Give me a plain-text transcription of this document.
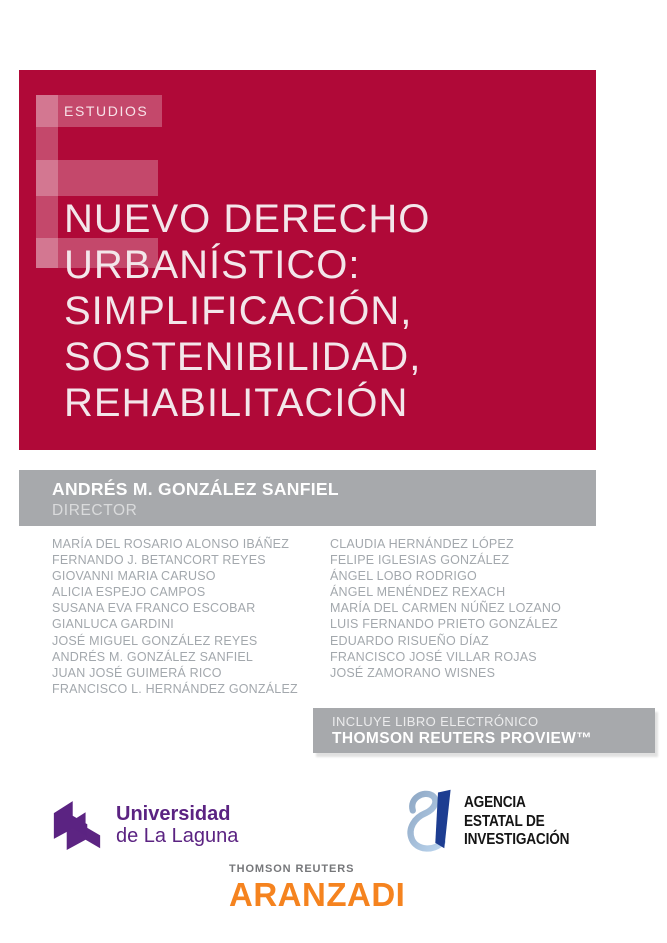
ESTUDIOS
NUEVO DERECHO
URBANÍSTICO:
SIMPLIFICACIÓN,
SOSTENIBILIDAD,
REHABILITACIÓN
ANDRÉS M. GONZÁLEZ SANFIEL
DIRECTOR
MARÍA DEL ROSARIO ALONSO IBÁÑEZ
FERNANDO J. BETANCORT REYES
GIOVANNI MARIA CARUSO
ALICIA ESPEJO CAMPOS
SUSANA EVA FRANCO ESCOBAR
GIANLUCA GARDINI
JOSÉ MIGUEL GONZÁLEZ REYES
ANDRÉS M. GONZÁLEZ SANFIEL
JUAN JOSÉ GUIMERÁ RICO
FRANCISCO L. HERNÁNDEZ GONZÁLEZ
CLAUDIA HERNÁNDEZ LÓPEZ
FELIPE IGLESIAS GONZÁLEZ
ÁNGEL LOBO RODRIGO
ÁNGEL MENÉNDEZ REXACH
MARÍA DEL CARMEN NÚÑEZ LOZANO
LUIS FERNANDO PRIETO GONZÁLEZ
EDUARDO RISUEÑO DÍAZ
FRANCISCO JOSÉ VILLAR ROJAS
JOSÉ ZAMORANO WISNES
INCLUYE LIBRO ELECTRÓNICO
THOMSON REUTERS PROVIEW™
Universidad
de La Laguna
AGENCIA
ESTATAL DE
INVESTIGACIÓN
THOMSON REUTERS
ARANZADI
